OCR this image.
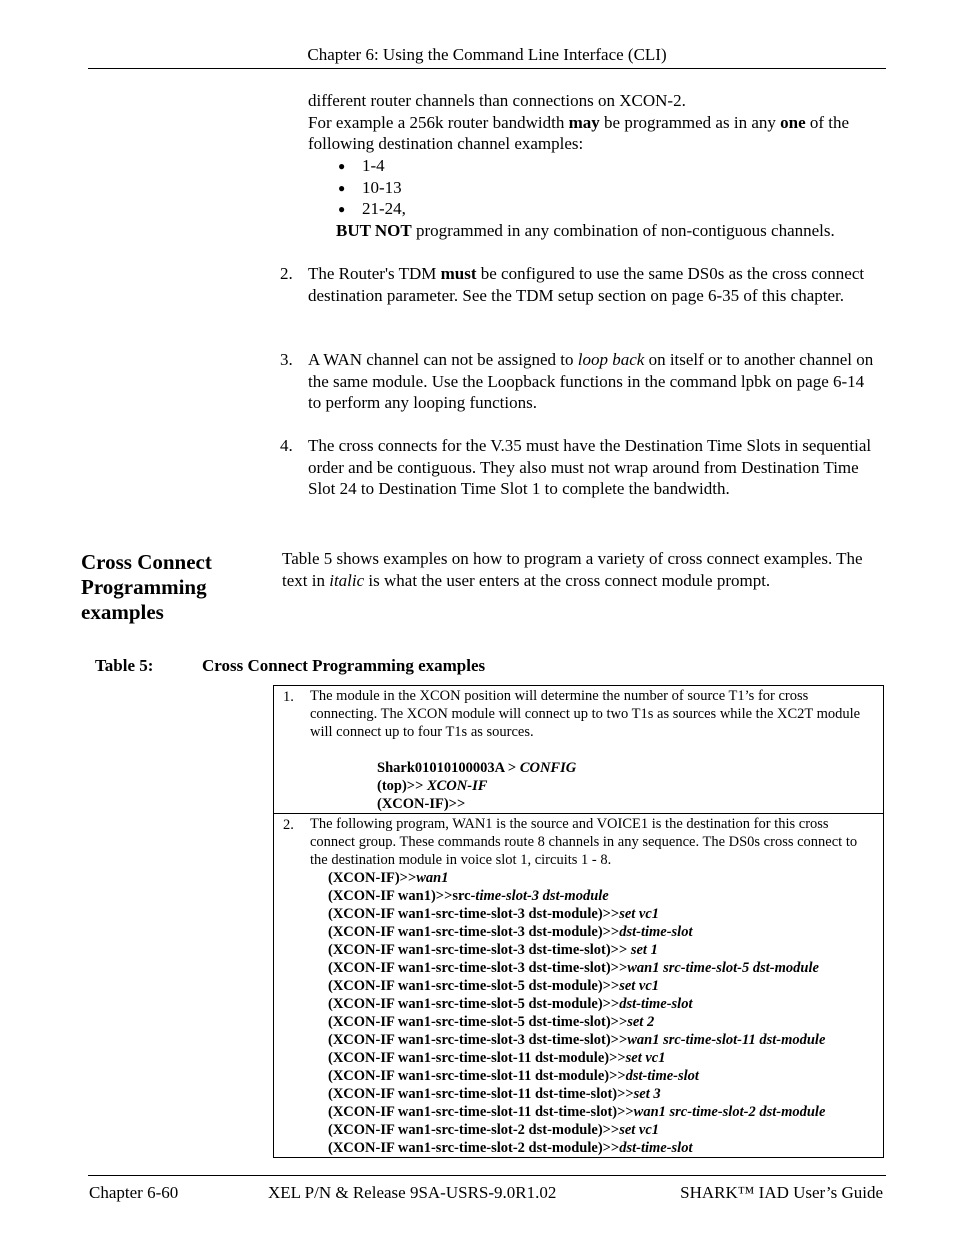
Chapter 6: Using the Command Line Interface (CLI)
different router channels than connections on XCON-2.
For example a 256k router bandwidth may be programmed as in any one of the following destination channel examples:
● 1-4
● 10-13
● 21-24,
BUT NOT programmed in any combination of non-contiguous channels.
2. The Router's TDM must be configured to use the same DS0s as the cross connect destination parameter. See the TDM setup section on page 6-35 of this chapter.
3. A WAN channel can not be assigned to loop back on itself or to another channel on the same module. Use the Loopback functions in the command lpbk on page 6-14 to perform any looping functions.
4. The cross connects for the V.35 must have the Destination Time Slots in sequential order and be contiguous. They also must not wrap around from Destination Time Slot 24 to Destination Time Slot 1 to complete the bandwidth.
Cross Connect Programming examples
Table 5 shows examples on how to program a variety of cross connect examples. The text in italic is what the user enters at the cross connect module prompt.
Table 5:	Cross Connect Programming examples
1. The module in the XCON position will determine the number of source T1’s for cross connecting. The XCON module will connect up to two T1s as sources while the XC2T module will connect up to four T1s as sources.
Shark01010100003A > CONFIG
(top)>> XCON-IF
(XCON-IF)>>
2. The following program, WAN1 is the source and VOICE1 is the destination for this cross connect group. These commands route 8 channels in any sequence. The DS0s cross connect to the destination module in voice slot 1, circuits 1 - 8.
(XCON-IF)>>wan1
(XCON-IF wan1)>>src-time-slot-3 dst-module
(XCON-IF wan1-src-time-slot-3 dst-module)>>set vc1
(XCON-IF wan1-src-time-slot-3 dst-module)>>dst-time-slot
(XCON-IF wan1-src-time-slot-3 dst-time-slot)>> set 1
(XCON-IF wan1-src-time-slot-3 dst-time-slot)>>wan1 src-time-slot-5 dst-module
(XCON-IF wan1-src-time-slot-5 dst-module)>>set vc1
(XCON-IF wan1-src-time-slot-5 dst-module)>>dst-time-slot
(XCON-IF wan1-src-time-slot-5 dst-time-slot)>>set 2
(XCON-IF wan1-src-time-slot-3 dst-time-slot)>>wan1 src-time-slot-11 dst-module
(XCON-IF wan1-src-time-slot-11 dst-module)>>set vc1
(XCON-IF wan1-src-time-slot-11 dst-module)>>dst-time-slot
(XCON-IF wan1-src-time-slot-11 dst-time-slot)>>set 3
(XCON-IF wan1-src-time-slot-11 dst-time-slot)>>wan1 src-time-slot-2 dst-module
(XCON-IF wan1-src-time-slot-2 dst-module)>>set vc1
(XCON-IF wan1-src-time-slot-2 dst-module)>>dst-time-slot
Chapter 6-60	XEL P/N & Release 9SA-USRS-9.0R1.02	SHARK™ IAD User’s Guide
